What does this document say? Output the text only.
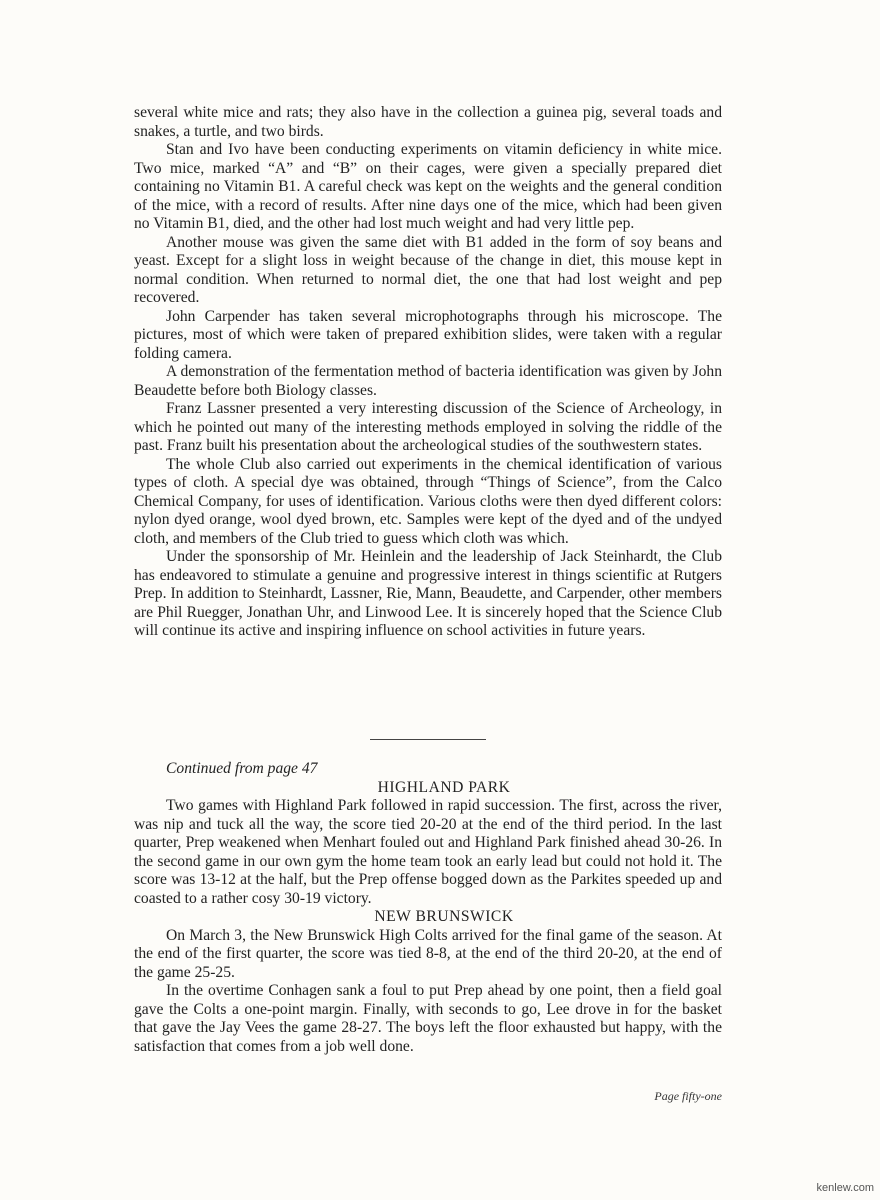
several white mice and rats; they also have in the collection a guinea pig, several toads and snakes, a turtle, and two birds.

Stan and Ivo have been conducting experiments on vitamin deficiency in white mice. Two mice, marked “A” and “B” on their cages, were given a specially prepared diet containing no Vitamin B1. A careful check was kept on the weights and the general condition of the mice, with a record of results. After nine days one of the mice, which had been given no Vitamin B1, died, and the other had lost much weight and had very little pep.

Another mouse was given the same diet with B1 added in the form of soy beans and yeast. Except for a slight loss in weight because of the change in diet, this mouse kept in normal condition. When returned to normal diet, the one that had lost weight and pep recovered.

John Carpender has taken several microphotographs through his microscope. The pictures, most of which were taken of prepared exhibition slides, were taken with a regular folding camera.

A demonstration of the fermentation method of bacteria identification was given by John Beaudette before both Biology classes.

Franz Lassner presented a very interesting discussion of the Science of Archeology, in which he pointed out many of the interesting methods employed in solving the riddle of the past. Franz built his presentation about the archeological studies of the southwestern states.

The whole Club also carried out experiments in the chemical identification of various types of cloth. A special dye was obtained, through “Things of Science”, from the Calco Chemical Company, for uses of identification. Various cloths were then dyed different colors: nylon dyed orange, wool dyed brown, etc. Samples were kept of the dyed and of the undyed cloth, and members of the Club tried to guess which cloth was which.

Under the sponsorship of Mr. Heinlein and the leadership of Jack Steinhardt, the Club has endeavored to stimulate a genuine and progressive interest in things scientific at Rutgers Prep. In addition to Steinhardt, Lassner, Rie, Mann, Beaudette, and Carpender, other members are Phil Ruegger, Jonathan Uhr, and Linwood Lee. It is sincerely hoped that the Science Club will continue its active and inspiring influence on school activities in future years.

Continued from page 47

HIGHLAND PARK

Two games with Highland Park followed in rapid succession. The first, across the river, was nip and tuck all the way, the score tied 20-20 at the end of the third period. In the last quarter, Prep weakened when Menhart fouled out and Highland Park finished ahead 30-26. In the second game in our own gym the home team took an early lead but could not hold it. The score was 13-12 at the half, but the Prep offense bogged down as the Parkites speeded up and coasted to a rather cosy 30-19 victory.

NEW BRUNSWICK

On March 3, the New Brunswick High Colts arrived for the final game of the season. At the end of the first quarter, the score was tied 8-8, at the end of the third 20-20, at the end of the game 25-25.

In the overtime Conhagen sank a foul to put Prep ahead by one point, then a field goal gave the Colts a one-point margin. Finally, with seconds to go, Lee drove in for the basket that gave the Jay Vees the game 28-27. The boys left the floor exhausted but happy, with the satisfaction that comes from a job well done.

Page fifty-one
kenlew.com
